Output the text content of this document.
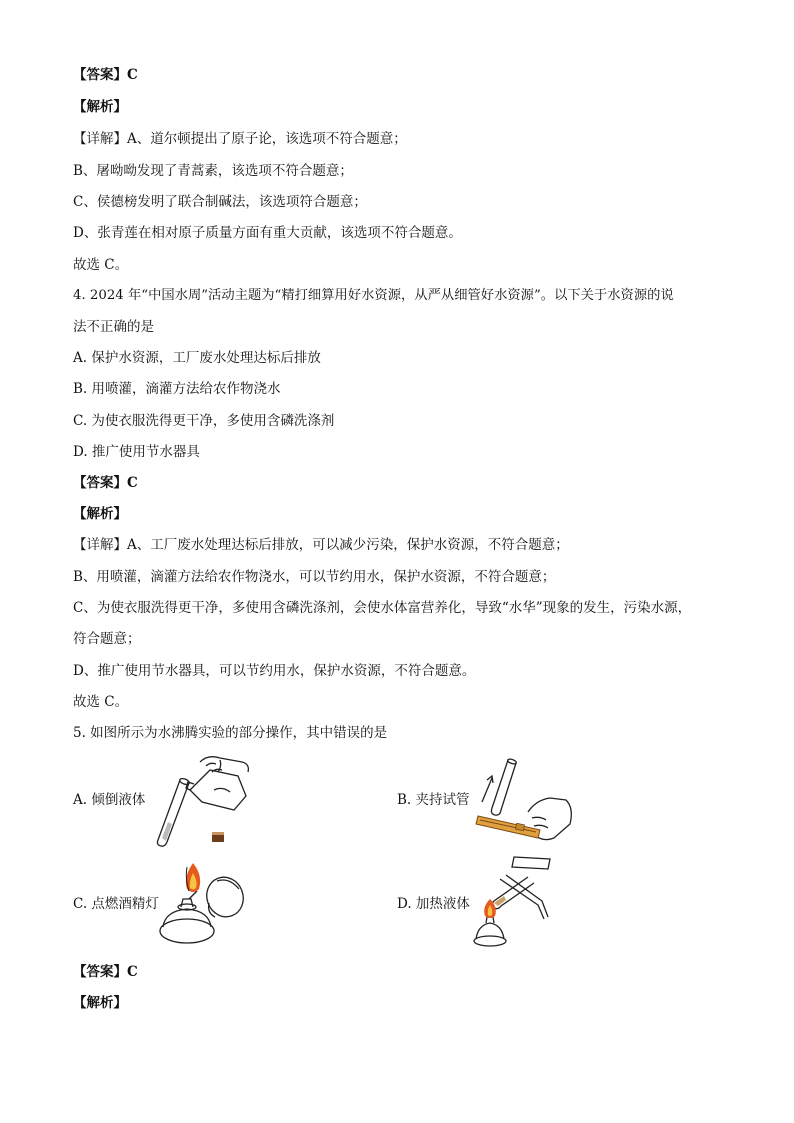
【答案】C
【解析】
【详解】A、道尔顿提出了原子论，该选项不符合题意；
B、屠呦呦发现了青蒿素，该选项不符合题意；
C、侯德榜发明了联合制碱法，该选项符合题意；
D、张青莲在相对原子质量方面有重大贡献，该选项不符合题意。
故选 C。
4. 2024 年“中国水周”活动主题为“精打细算用好水资源，从严从细管好水资源”。以下关于水资源的说
法不正确的是
A. 保护水资源，工厂废水处理达标后排放
B. 用喷灌，滴灌方法给农作物浇水
C. 为使衣服洗得更干净，多使用含磷洗涤剂
D. 推广使用节水器具
【答案】C
【解析】
【详解】A、工厂废水处理达标后排放，可以减少污染，保护水资源，不符合题意；
B、用喷灌，滴灌方法给农作物浇水，可以节约用水，保护水资源，不符合题意；
C、为使衣服洗得更干净，多使用含磷洗涤剂，会使水体富营养化，导致“水华”现象的发生，污染水源，
符合题意；
D、推广使用节水器具，可以节约用水，保护水资源，不符合题意。
故选 C。
5. 如图所示为水沸腾实验的部分操作，其中错误的是
A. 倾倒液体	B. 夹持试管
C. 点燃酒精灯	D. 加热液体
【答案】C
【解析】
